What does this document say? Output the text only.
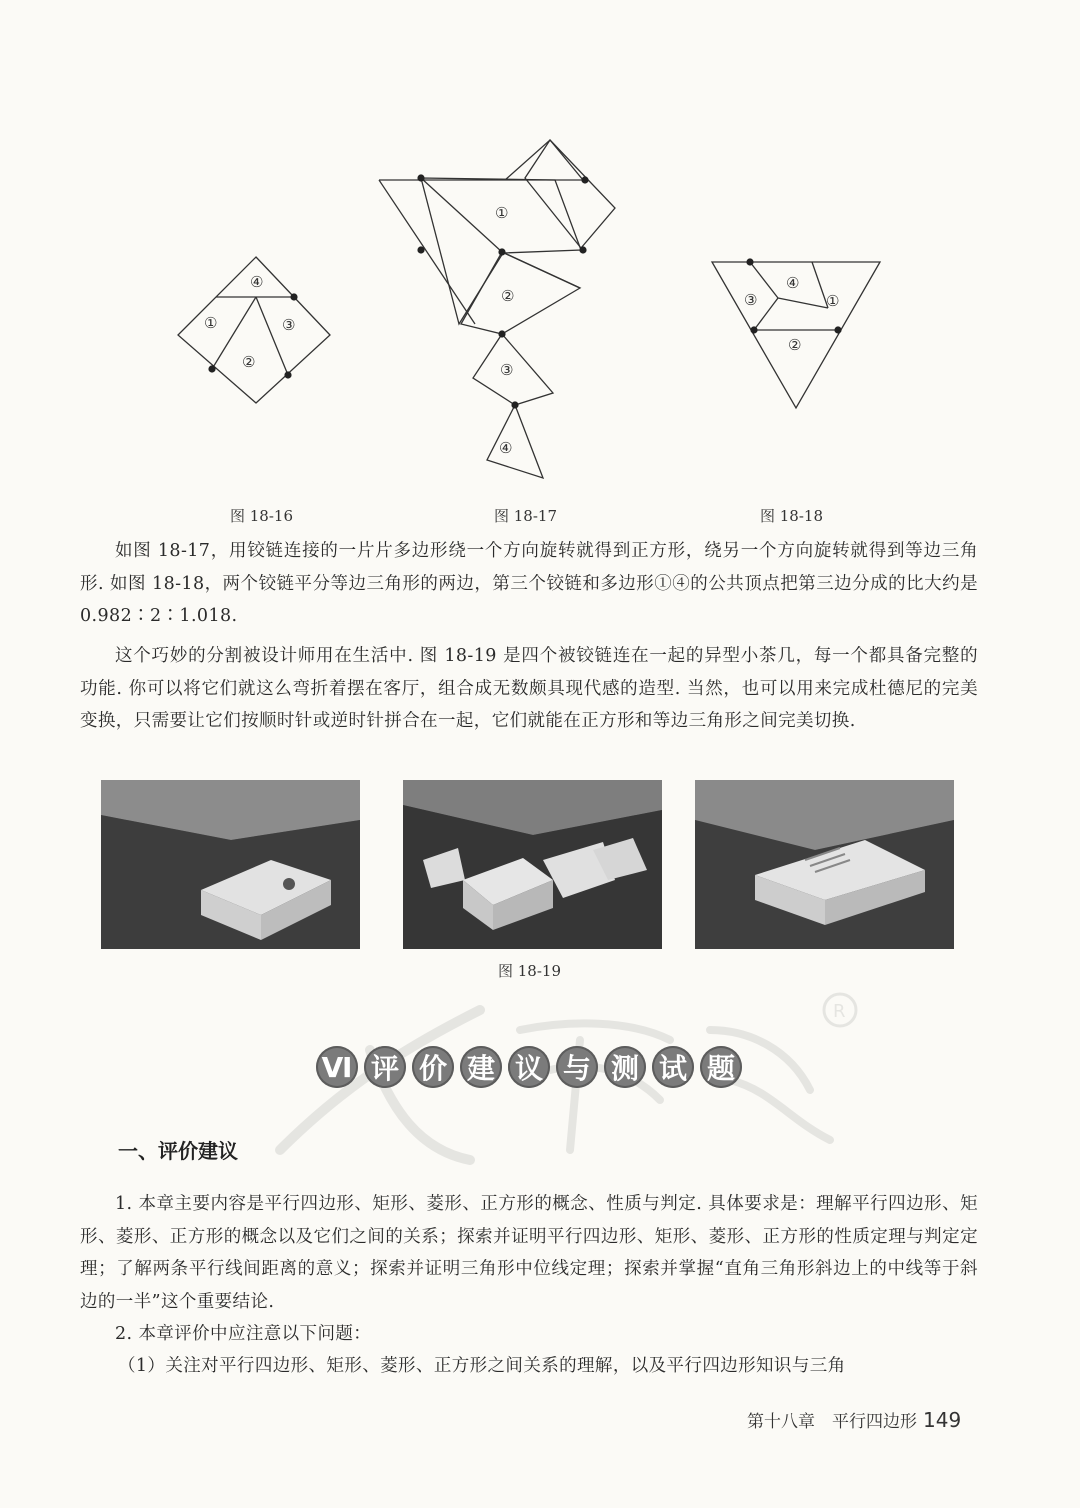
④
①	③
②
图 18-16
①
②
③
④
图 18-17
④
③	①
②
图 18-18
如图 18-17，用铰链连接的一片片多边形绕一个方向旋转就得到正方形，绕另一个方向旋转就得到等边三角形. 如图 18-18，两个铰链平分等边三角形的两边，第三个铰链和多边形①④的公共顶点把第三边分成的比大约是 0.982∶2∶1.018.
这个巧妙的分割被设计师用在生活中. 图 18-19 是四个被铰链连在一起的异型小茶几，每一个都具备完整的功能. 你可以将它们就这么弯折着摆在客厅，组合成无数颇具现代感的造型. 当然，也可以用来完成杜德尼的完美变换，只需要让它们按顺时针或逆时针拼合在一起，它们就能在正方形和等边三角形之间完美切换.
图 18-19
R
Ⅵ 评 价 建 议 与 测 试 题
一、评价建议
1. 本章主要内容是平行四边形、矩形、菱形、正方形的概念、性质与判定. 具体要求是：理解平行四边形、矩形、菱形、正方形的概念以及它们之间的关系；探索并证明平行四边形、矩形、菱形、正方形的性质定理与判定定理；了解两条平行线间距离的意义；探索并证明三角形中位线定理；探索并掌握“直角三角形斜边上的中线等于斜边的一半”这个重要结论.
2. 本章评价中应注意以下问题：
（1）关注对平行四边形、矩形、菱形、正方形之间关系的理解，以及平行四边形知识与三角
第十八章　平行四边形 149
